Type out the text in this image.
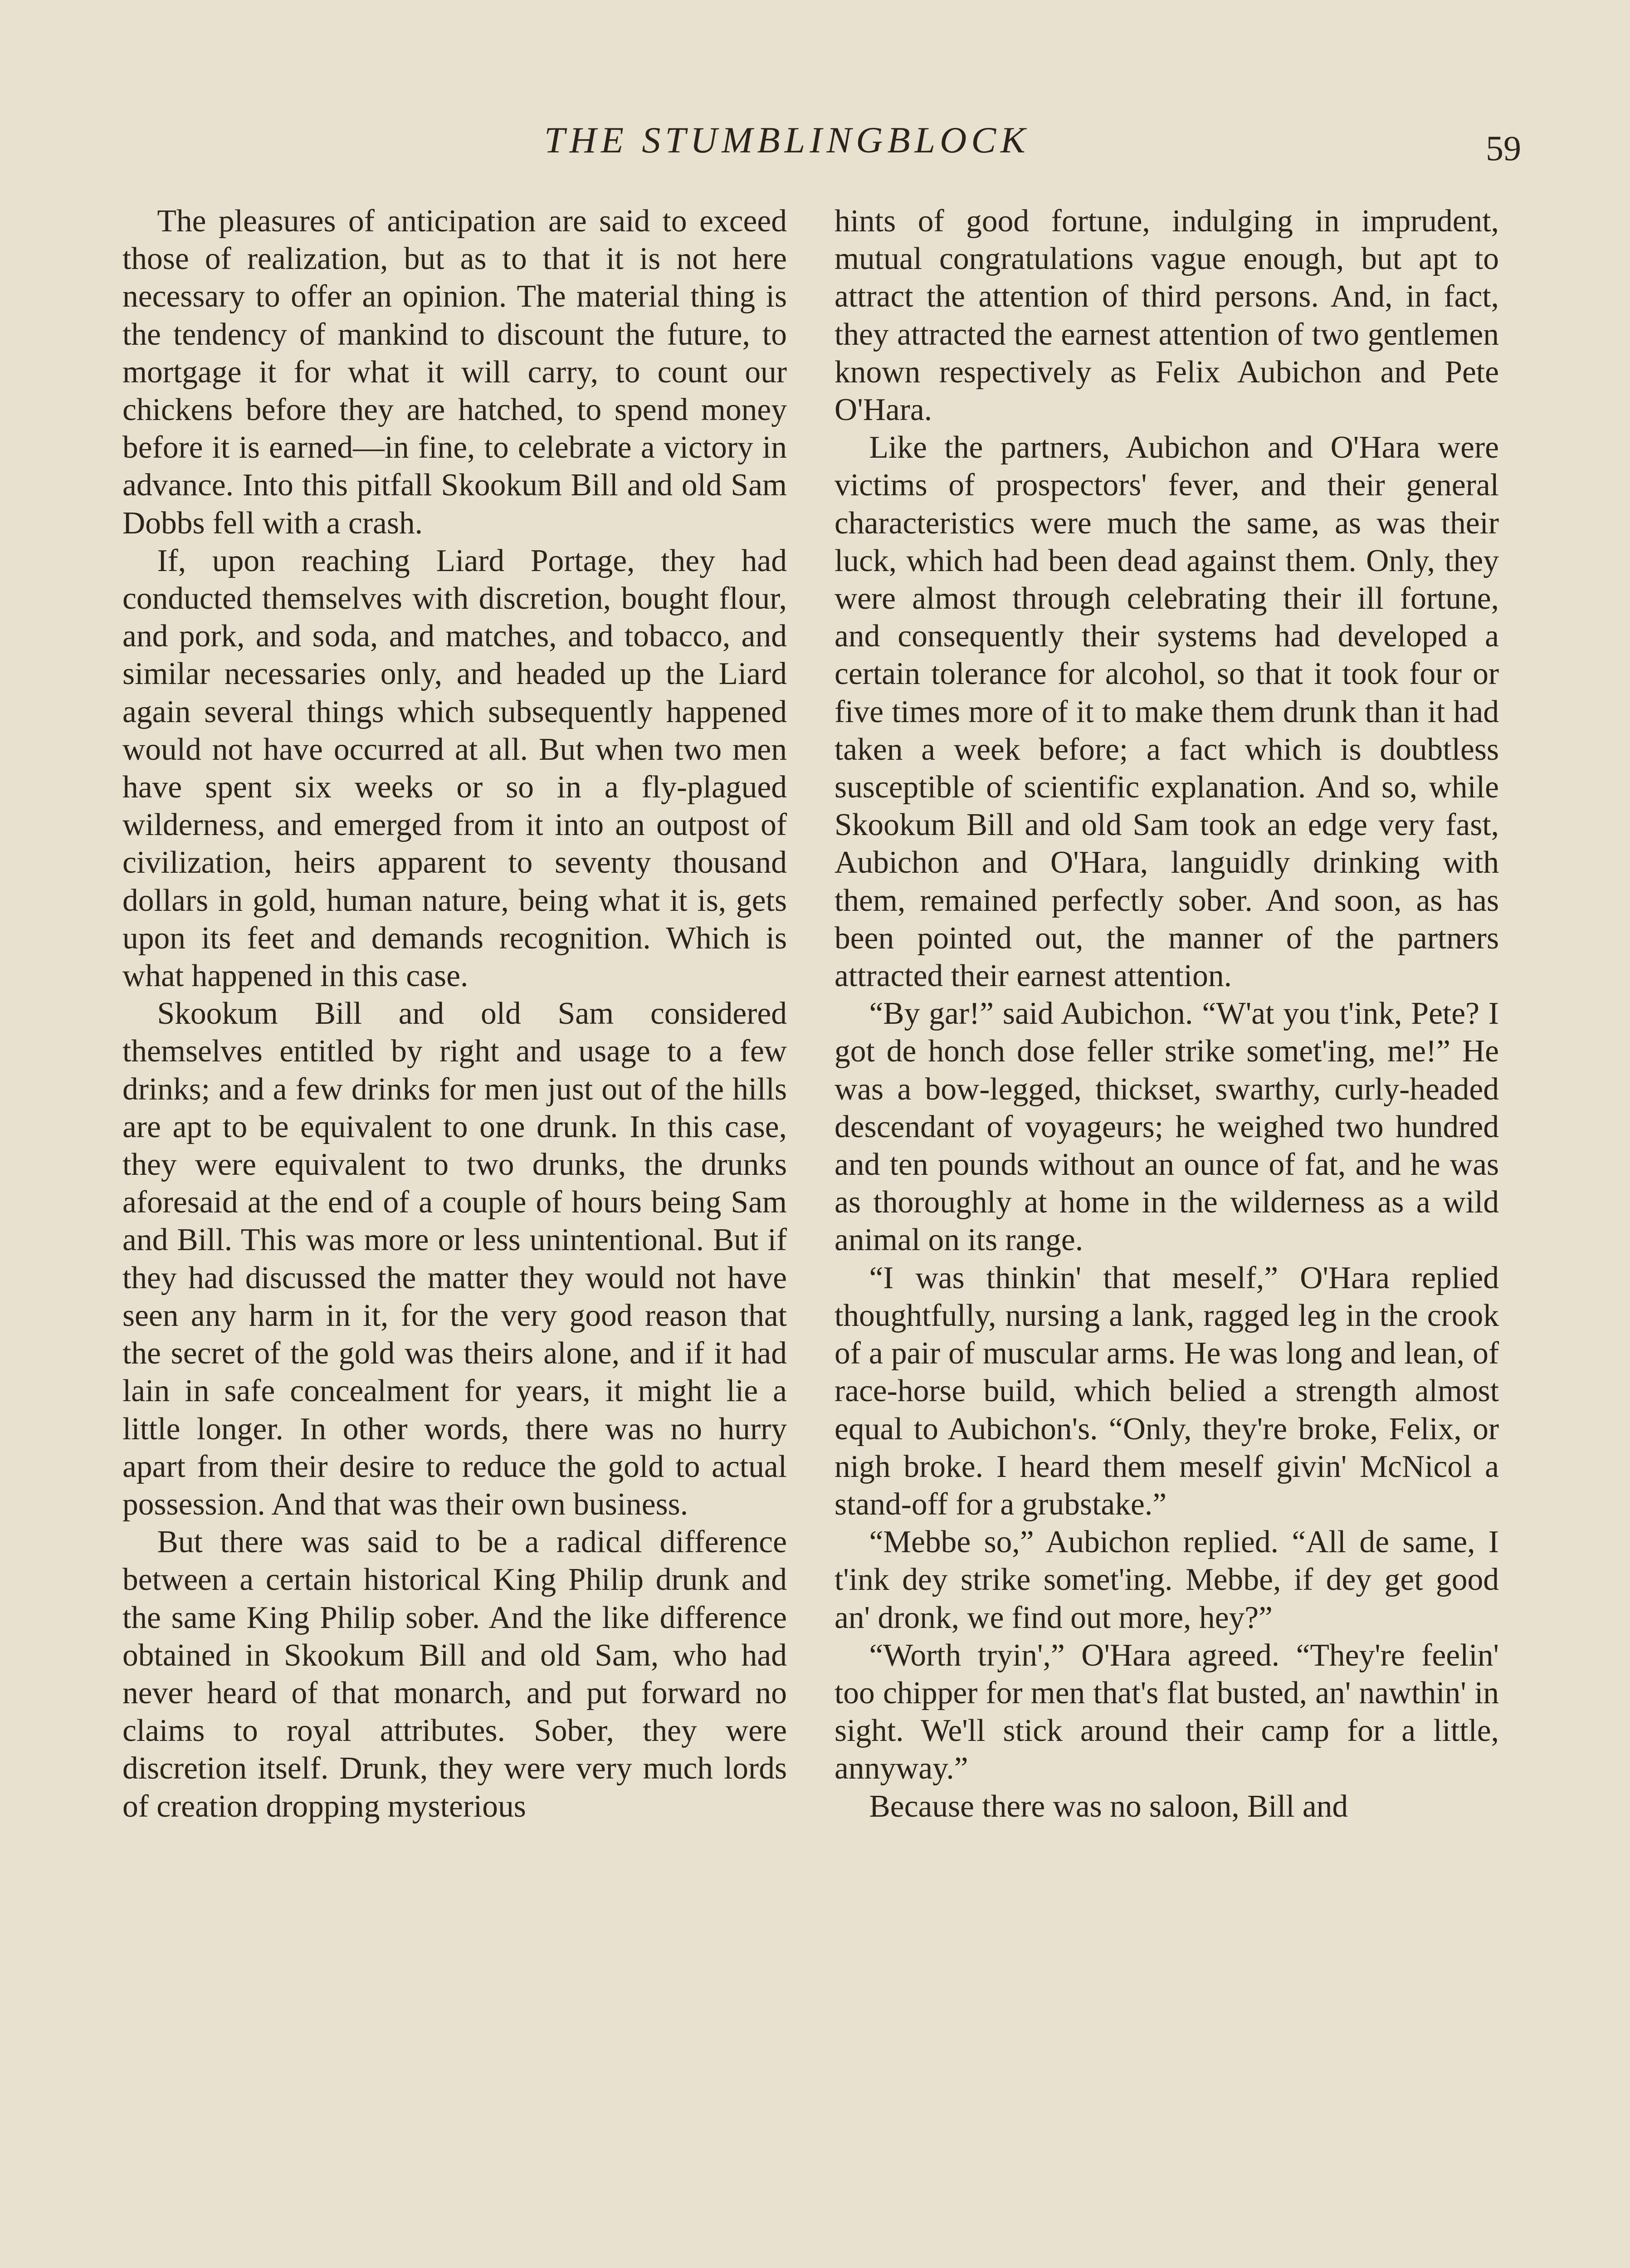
THE STUMBLINGBLOCK	59

The pleasures of anticipation are said to exceed those of realization, but as to that it is not here necessary to offer an opinion. The material thing is the tendency of mankind to discount the future, to mortgage it for what it will carry, to count our chickens before they are hatched, to spend money before it is earned—in fine, to celebrate a victory in advance. Into this pitfall Skookum Bill and old Sam Dobbs fell with a crash.

If, upon reaching Liard Portage, they had conducted themselves with discretion, bought flour, and pork, and soda, and matches, and tobacco, and similar necessaries only, and headed up the Liard again several things which subsequently happened would not have occurred at all. But when two men have spent six weeks or so in a fly-plagued wilderness, and emerged from it into an outpost of civilization, heirs apparent to seventy thousand dollars in gold, human nature, being what it is, gets upon its feet and demands recognition. Which is what happened in this case.

Skookum Bill and old Sam considered themselves entitled by right and usage to a few drinks; and a few drinks for men just out of the hills are apt to be equivalent to one drunk. In this case, they were equivalent to two drunks, the drunks aforesaid at the end of a couple of hours being Sam and Bill. This was more or less unintentional. But if they had discussed the matter they would not have seen any harm in it, for the very good reason that the secret of the gold was theirs alone, and if it had lain in safe concealment for years, it might lie a little longer. In other words, there was no hurry apart from their desire to reduce the gold to actual possession. And that was their own business.

But there was said to be a radical difference between a certain historical King Philip drunk and the same King Philip sober. And the like difference obtained in Skookum Bill and old Sam, who had never heard of that monarch, and put forward no claims to royal attributes. Sober, they were discretion itself. Drunk, they were very much lords of creation dropping mysterious

hints of good fortune, indulging in imprudent, mutual congratulations vague enough, but apt to attract the attention of third persons. And, in fact, they attracted the earnest attention of two gentlemen known respectively as Felix Aubichon and Pete O'Hara.

Like the partners, Aubichon and O'Hara were victims of prospectors' fever, and their general characteristics were much the same, as was their luck, which had been dead against them. Only, they were almost through celebrating their ill fortune, and consequently their systems had developed a certain tolerance for alcohol, so that it took four or five times more of it to make them drunk than it had taken a week before; a fact which is doubtless susceptible of scientific explanation. And so, while Skookum Bill and old Sam took an edge very fast, Aubichon and O'Hara, languidly drinking with them, remained perfectly sober. And soon, as has been pointed out, the manner of the partners attracted their earnest attention.

“By gar!” said Aubichon. “W'at you t'ink, Pete? I got de honch dose feller strike somet'ing, me!” He was a bow-legged, thickset, swarthy, curly-headed descendant of voyageurs; he weighed two hundred and ten pounds without an ounce of fat, and he was as thoroughly at home in the wilderness as a wild animal on its range.

“I was thinkin' that meself,” O'Hara replied thoughtfully, nursing a lank, ragged leg in the crook of a pair of muscular arms. He was long and lean, of race-horse build, which belied a strength almost equal to Aubichon's. “Only, they're broke, Felix, or nigh broke. I heard them meself givin' McNicol a stand-off for a grubstake.”

“Mebbe so,” Aubichon replied. “All de same, I t'ink dey strike somet'ing. Mebbe, if dey get good an' dronk, we find out more, hey?”

“Worth tryin',” O'Hara agreed. “They're feelin' too chipper for men that's flat busted, an' nawthin' in sight. We'll stick around their camp for a little, annyway.”

Because there was no saloon, Bill and
